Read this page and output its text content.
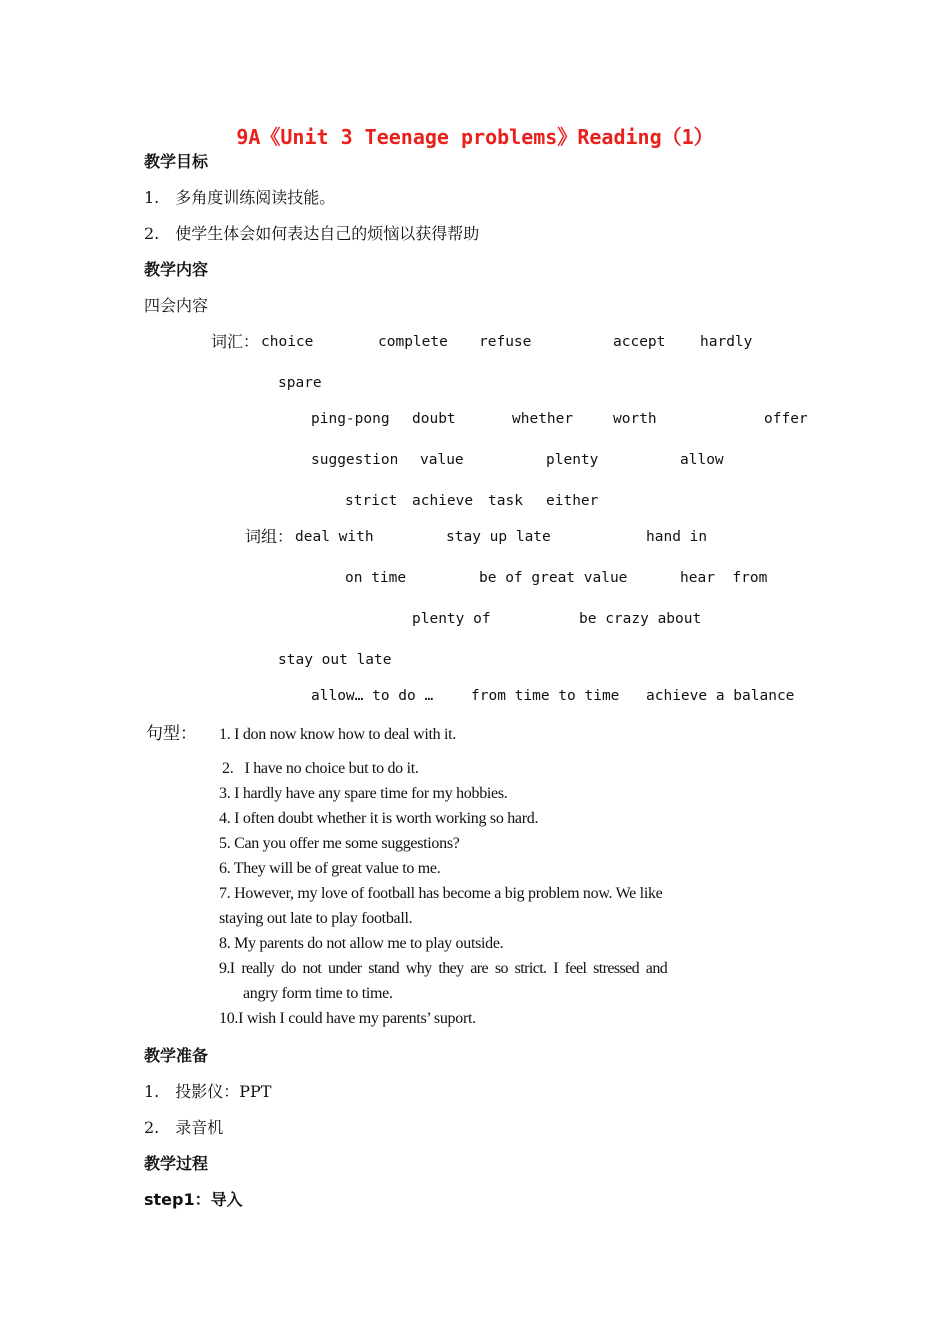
9A《Unit 3 Teenage problems》Reading（1）
教学目标
1.　多角度训练阅读技能。
2.　使学生体会如何表达自己的烦恼以获得帮助
教学内容
四会内容
词汇： choice	complete refuse	accept hardly
spare
ping-pong doubt	whether	worth	offer
suggestion value	plenty	allow
strict achieve task either
词组： deal with	stay up late	hand in
on time	be of great value	hear  from
plenty of	be crazy about
stay out late
allow… to do …	from time to time achieve a balance
句型： 1. I don now know how to deal with it.
2.   I have no choice but to do it.
3. I hardly have any spare time for my hobbies.
4. I often doubt whether it is worth working so hard.
5. Can you offer me some suggestions?
6. They will be of great value to me.
7. However, my love of football has become a big problem now. We like
staying out late to play football.
8. My parents do not allow me to play outside.
9.I  really  do  not  under  stand  why  they  are  so  strict.  I  feel  stressed  and
angry form time to time.
10.I wish I could have my parents’ suport.
教学准备
1.　投影仪：PPT
2.　录音机
教学过程
step1：导入
